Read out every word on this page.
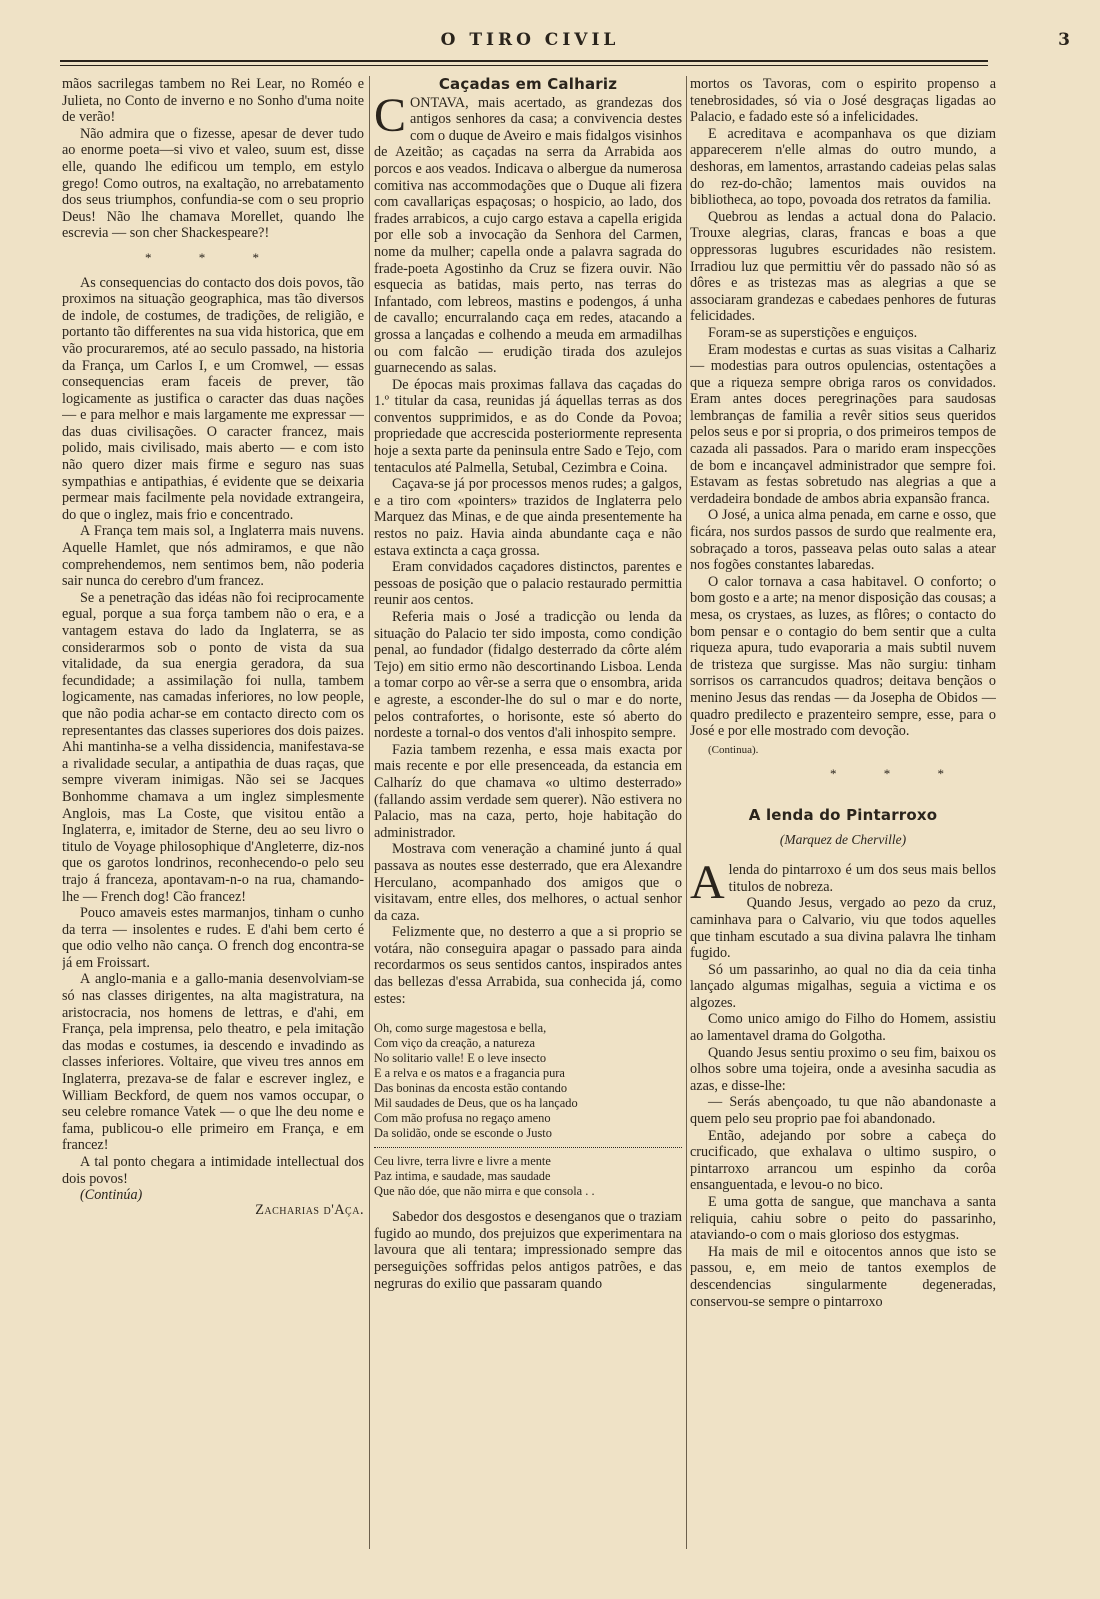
O TIRO CIVIL	3

mãos sacrilegas tambem no Rei Lear, no Roméo e Julieta, no Conto de inverno e no Sonho d'uma noite de verão!

Não admira que o fizesse, apesar de dever tudo ao enorme poeta—si vivo et valeo, suum est, disse elle, quando lhe edificou um templo, em estylo grego! Como outros, na exaltação, no arrebatamento dos seus triumphos, confundia-se com o seu proprio Deus! Não lhe chamava Morellet, quando lhe escrevia — son cher Shackespeare?!

* * *

As consequencias do contacto dos dois povos, tão proximos na situação geographica, mas tão diversos de indole, de costumes, de tradições, de religião, e portanto tão differentes na sua vida historica, que em vão procuraremos, até ao seculo passado, na historia da França, um Carlos I, e um Cromwel, — essas consequencias eram faceis de prever, tão logicamente as justifica o caracter das duas nações — e para melhor e mais largamente me expressar — das duas civilisações. O caracter francez, mais polido, mais civilisado, mais aberto — e com isto não quero dizer mais firme e seguro nas suas sympathias e antipathias, é evidente que se deixaria permear mais facilmente pela novidade extrangeira, do que o inglez, mais frio e concentrado.

A França tem mais sol, a Inglaterra mais nuvens. Aquelle Hamlet, que nós admiramos, e que não comprehendemos, nem sentimos bem, não poderia sair nunca do cerebro d'um francez.

Se a penetração das idéas não foi reciprocamente egual, porque a sua força tambem não o era, e a vantagem estava do lado da Inglaterra, se as considerarmos sob o ponto de vista da sua vitalidade, da sua energia geradora, da sua fecundidade; a assimilação foi nulla, tambem logicamente, nas camadas inferiores, no low people, que não podia achar-se em contacto directo com os representantes das classes superiores dos dois paizes. Ahi mantinha-se a velha dissidencia, manifestava-se a rivalidade secular, a antipathia de duas raças, que sempre viveram inimigas. Não sei se Jacques Bonhomme chamava a um inglez simplesmente Anglois, mas La Coste, que visitou então a Inglaterra, e, imitador de Sterne, deu ao seu livro o titulo de Voyage philosophique d'Angleterre, diz-nos que os garotos londrinos, reconhecendo-o pelo seu trajo á franceza, apontavam-n-o na rua, chamando-lhe — French dog! Cão francez!

Pouco amaveis estes marmanjos, tinham o cunho da terra — insolentes e rudes. E d'ahi bem certo é que odio velho não cança. O french dog encontra-se já em Froissart.

A anglo-mania e a gallo-mania desenvolviam-se só nas classes dirigentes, na alta magistratura, na aristocracia, nos homens de lettras, e d'ahi, em França, pela imprensa, pelo theatro, e pela imitação das modas e costumes, ia descendo e invadindo as classes inferiores. Voltaire, que viveu tres annos em Inglaterra, prezava-se de falar e escrever inglez, e William Beckford, de quem nos vamos occupar, o seu celebre romance Vatek — o que lhe deu nome e fama, publicou-o elle primeiro em França, e em francez!

A tal ponto chegara a intimidade intellectual dos dois povos!

(Continúa)

Zacharias d'Aça.
Caçadas em Calhariz

CONTAVA, mais acertado, as grandezas dos antigos senhores da casa; a convivencia destes com o duque de Aveiro e mais fidalgos visinhos de Azeitão; as caçadas na serra da Arrabida aos porcos e aos veados. Indicava o albergue da numerosa comitiva nas accommodações que o Duque ali fizera com cavallariças espaçosas; o hospicio, ao lado, dos frades arrabicos, a cujo cargo estava a capella erigida por elle sob a invocação da Senhora del Carmen, nome da mulher; capella onde a palavra sagrada do frade-poeta Agostinho da Cruz se fizera ouvir. Não esquecia as batidas, mais perto, nas terras do Infantado, com lebreos, mastins e podengos, á unha de cavallo; encurralando caça em redes, atacando a grossa a lançadas e colhendo a meuda em armadilhas ou com falcão — erudição tirada dos azulejos guarnecendo as salas.

De épocas mais proximas fallava das caçadas do 1.º titular da casa, reunidas já áquellas terras as dos conventos supprimidos, e as do Conde da Povoa; propriedade que accrescida posteriormente representa hoje a sexta parte da peninsula entre Sado e Tejo, com tentaculos até Palmella, Setubal, Cezimbra e Coina.

Caçava-se já por processos menos rudes; a galgos, e a tiro com «pointers» trazidos de Inglaterra pelo Marquez das Minas, e de que ainda presentemente ha restos no paiz. Havia ainda abundante caça e não estava extincta a caça grossa.

Eram convidados caçadores distinctos, parentes e pessoas de posição que o palacio restaurado permittia reunir aos centos.

Referia mais o José a tradicção ou lenda da situação do Palacio ter sido imposta, como condição penal, ao fundador (fidalgo desterrado da côrte além Tejo) em sitio ermo não descortinando Lisboa. Lenda a tomar corpo ao vêr-se a serra que o ensombra, arida e agreste, a esconder-lhe do sul o mar e do norte, pelos contrafortes, o horisonte, este só aberto do nordeste a tornal-o dos ventos d'ali inhospito sempre.

Fazia tambem rezenha, e essa mais exacta por mais recente e por elle presenceada, da estancia em Calharíz do que chamava «o ultimo desterrado» (fallando assim verdade sem querer). Não estivera no Palacio, mas na caza, perto, hoje habitação do administrador.

Mostrava com veneração a chaminé junto á qual passava as noutes esse desterrado, que era Alexandre Herculano, acompanhado dos amigos que o visitavam, entre elles, dos melhores, o actual senhor da caza.

Felizmente que, no desterro a que a si proprio se votára, não conseguira apagar o passado para ainda recordarmos os seus sentidos cantos, inspirados antes das bellezas d'essa Arrabida, sua conhecida já, como estes:

Oh, como surge magestosa e bella,
Com viço da creação, a natureza
No solitario valle! E o leve insecto
E a relva e os matos e a fragancia pura
Das boninas da encosta estão contando
Mil saudades de Deus, que os ha lançado
Com mão profusa no regaço ameno
Da solidão, onde se esconde o Justo
Ceu livre, terra livre e livre a mente
Paz intima, e saudade, mas saudade
Que não dóe, que não mirra e que consola . .

Sabedor dos desgostos e desenganos que o traziam fugido ao mundo, dos prejuizos que experimentara na lavoura que ali tentara; impressionado sempre das perseguições soffridas pelos antigos patrões, e das negruras do exilio que passaram quando

mortos os Tavoras, com o espirito propenso a tenebrosidades, só via o José desgraças ligadas ao Palacio, e fadado este só a infelicidades.

E acreditava e acompanhava os que diziam apparecerem n'elle almas do outro mundo, a deshoras, em lamentos, arrastando cadeias pelas salas do rez-do-chão; lamentos mais ouvidos na bibliotheca, ao topo, povoada dos retratos da familia.

Quebrou as lendas a actual dona do Palacio. Trouxe alegrias, claras, francas e boas a que oppressoras lugubres escuridades não resistem. Irradiou luz que permittiu vêr do passado não só as dôres e as tristezas mas as alegrias a que se associaram grandezas e cabedaes penhores de futuras felicidades.

Foram-se as superstições e enguiços.

Eram modestas e curtas as suas visitas a Calhariz — modestias para outros opulencias, ostentações a que a riqueza sempre obriga raros os convidados. Eram antes doces peregrinações para saudosas lembranças de familia a revêr sitios seus queridos pelos seus e por si propria, o dos primeiros tempos de cazada ali passados. Para o marido eram inspecções de bom e incançavel administrador que sempre foi. Estavam as festas sobretudo nas alegrias a que a verdadeira bondade de ambos abria expansão franca.

O José, a unica alma penada, em carne e osso, que ficára, nos surdos passos de surdo que realmente era, sobraçado a toros, passeava pelas outo salas a atear nos fogões constantes labaredas.

O calor tornava a casa habitavel. O conforto; o bom gosto e a arte; na menor disposição das cousas; a mesa, os crystaes, as luzes, as flôres; o contacto do bom pensar e o contagio do bem sentir que a culta riqueza apura, tudo evaporaria a mais subtil nuvem de tristeza que surgisse. Mas não surgiu: tinham sorrisos os carrancudos quadros; deitava bençãos o menino Jesus das rendas — da Josepha de Obidos — quadro predilecto e prazenteiro sempre, esse, para o José e por elle mostrado com devoção.

(Continua).
* * *
A lenda do Pintarroxo
(Marquez de Cherville)

Alenda do pintarroxo é um dos seus mais bellos titulos de nobreza.

Quando Jesus, vergado ao pezo da cruz, caminhava para o Calvario, viu que todos aquelles que tinham escutado a sua divina palavra lhe tinham fugido.

Só um passarinho, ao qual no dia da ceia tinha lançado algumas migalhas, seguia a victima e os algozes.

Como unico amigo do Filho do Homem, assistiu ao lamentavel drama do Golgotha.

Quando Jesus sentiu proximo o seu fim, baixou os olhos sobre uma tojeira, onde a avesinha sacudia as azas, e disse-lhe:

— Serás abençoado, tu que não abandonaste a quem pelo seu proprio pae foi abandonado.

Então, adejando por sobre a cabeça do crucificado, que exhalava o ultimo suspiro, o pintarroxo arrancou um espinho da corôa ensanguentada, e levou-o no bico.

E uma gotta de sangue, que manchava a santa reliquia, cahiu sobre o peito do passarinho, ataviando-o com o mais glorioso dos estygmas.

Ha mais de mil e oitocentos annos que isto se passou, e, em meio de tantos exemplos de descendencias singularmente degeneradas, conservou-se sempre o pintarroxo
